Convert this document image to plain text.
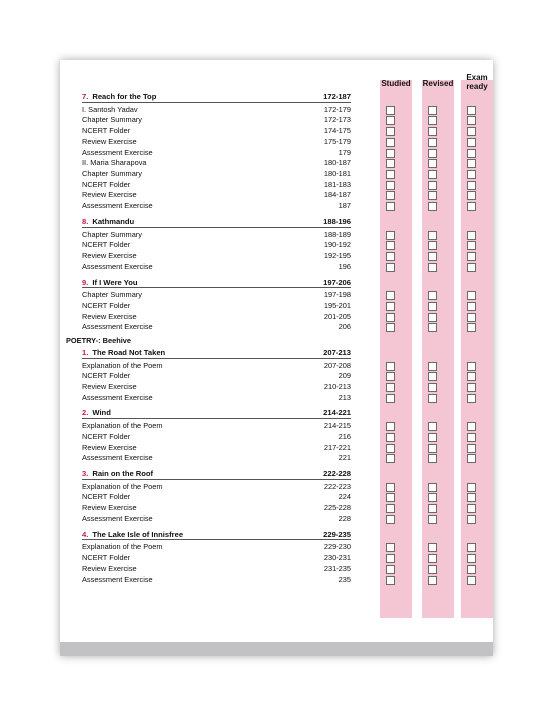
Studied	Revised
Exam ready
7. Reach for the Top	172-187
I. Santosh Yadav	172-179
Chapter Summary	172-173
NCERT Folder	174-175
Review Exercise	175-179
Assessment Exercise	179
II. Maria Sharapova	180-187
Chapter Summary	180-181
NCERT Folder	181-183
Review Exercise	184-187
Assessment Exercise	187
8. Kathmandu	188-196
Chapter Summary	188-189
NCERT Folder	190-192
Review Exercise	192-195
Assessment Exercise	196
9. If I Were You	197-206
Chapter Summary	197-198
NCERT Folder	195-201
Review Exercise	201-205
Assessment Exercise	206
POETRY-: Beehive
1. The Road Not Taken	207-213
Explanation of the Poem	207-208
NCERT Folder	209
Review Exercise	210-213
Assessment Exercise	213
2. Wind	214-221
Explanation of the Poem	214-215
NCERT Folder	216
Review Exercise	217-221
Assessment Exercise	221
3. Rain on the Roof	222-228
Explanation of the Poem	222-223
NCERT Folder	224
Review Exercise	225-228
Assessment Exercise	228
4. The Lake Isle of Innisfree	229-235
Explanation of the Poem	229-230
NCERT Folder	230-231
Review Exercise	231-235
Assessment Exercise	235
